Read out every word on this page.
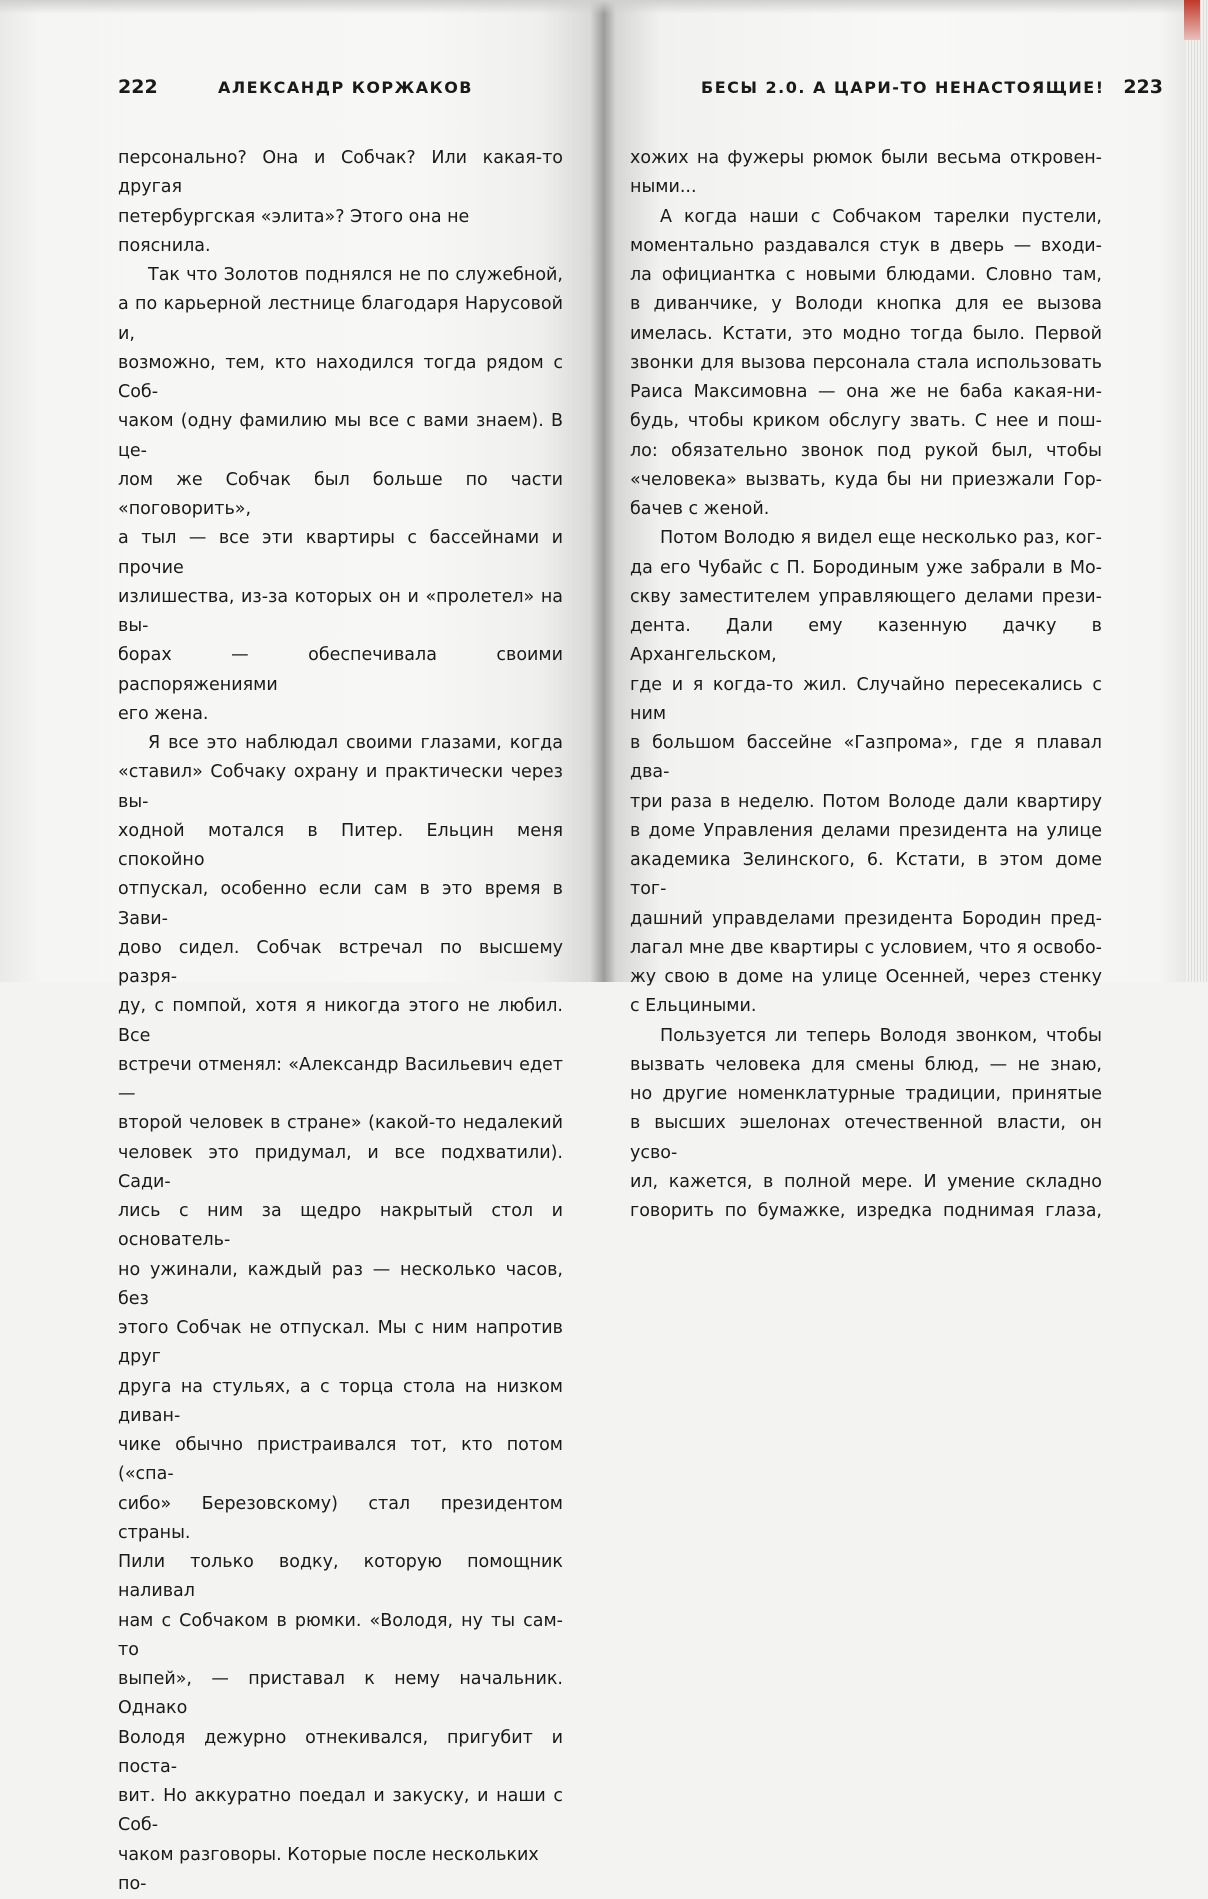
222	АЛЕКСАНДР КОРЖАКОВ

персонально? Она и Собчак? Или какая-то другая

петербургская «элита»? Этого она не пояснила.

Так что Золотов поднялся не по служебной,

а по карьерной лестнице благодаря Нарусовой и,

возможно, тем, кто находился тогда рядом с Соб-

чаком (одну фамилию мы все с вами знаем). В це-

лом же Собчак был больше по части «поговорить»,

а тыл — все эти квартиры с бассейнами и прочие

излишества, из-за которых он и «пролетел» на вы-

борах — обеспечивала своими распоряжениями

его жена.

Я все это наблюдал своими глазами, когда

«ставил» Собчаку охрану и практически через вы-

ходной мотался в Питер. Ельцин меня спокойно

отпускал, особенно если сам в это время в Зави-

дово сидел. Собчак встречал по высшему разря-

ду, с помпой, хотя я никогда этого не любил. Все

встречи отменял: «Александр Васильевич едет —

второй человек в стране» (какой-то недалекий

человек это придумал, и все подхватили). Сади-

лись с ним за щедро накрытый стол и основатель-

но ужинали, каждый раз — несколько часов, без

этого Собчак не отпускал. Мы с ним напротив друг

друга на стульях, а с торца стола на низком диван-

чике обычно пристраивался тот, кто потом («спа-

сибо» Березовскому) стал президентом страны.

Пили только водку, которую помощник наливал

нам с Собчаком в рюмки. «Володя, ну ты сам-то

выпей», — приставал к нему начальник. Однако

Володя дежурно отнекивался, пригубит и поста-

вит. Но аккуратно поедал и закуску, и наши с Соб-

чаком разговоры. Которые после нескольких по-

БЕСЫ 2.0. А ЦАРИ-ТО НЕНАСТОЯЩИЕ! 223

хожих на фужеры рюмок были весьма откровен-

ными...

А когда наши с Собчаком тарелки пустели,

моментально раздавался стук в дверь — входи-

ла официантка с новыми блюдами. Словно там,

в диванчике, у Володи кнопка для ее вызова

имелась. Кстати, это модно тогда было. Первой

звонки для вызова персонала стала использовать

Раиса Максимовна — она же не баба какая-ни-

будь, чтобы криком обслугу звать. С нее и пош-

ло: обязательно звонок под рукой был, чтобы

«человека» вызвать, куда бы ни приезжали Гор-

бачев с женой.

Потом Володю я видел еще несколько раз, ког-

да его Чубайс с П. Бородиным уже забрали в Мо-

скву заместителем управляющего делами прези-

дента. Дали ему казенную дачку в Архангельском,

где и я когда-то жил. Случайно пересекались с ним

в большом бассейне «Газпрома», где я плавал два-

три раза в неделю. Потом Володе дали квартиру

в доме Управления делами президента на улице

академика Зелинского, 6. Кстати, в этом доме тог-

дашний управделами президента Бородин пред-

лагал мне две квартиры с условием, что я освобо-

жу свою в доме на улице Осенней, через стенку

с Ельциными.

Пользуется ли теперь Володя звонком, чтобы

вызвать человека для смены блюд, — не знаю,

но другие номенклатурные традиции, принятые

в высших эшелонах отечественной власти, он усво-

ил, кажется, в полной мере. И умение складно

говорить по бумажке, изредка поднимая глаза,
